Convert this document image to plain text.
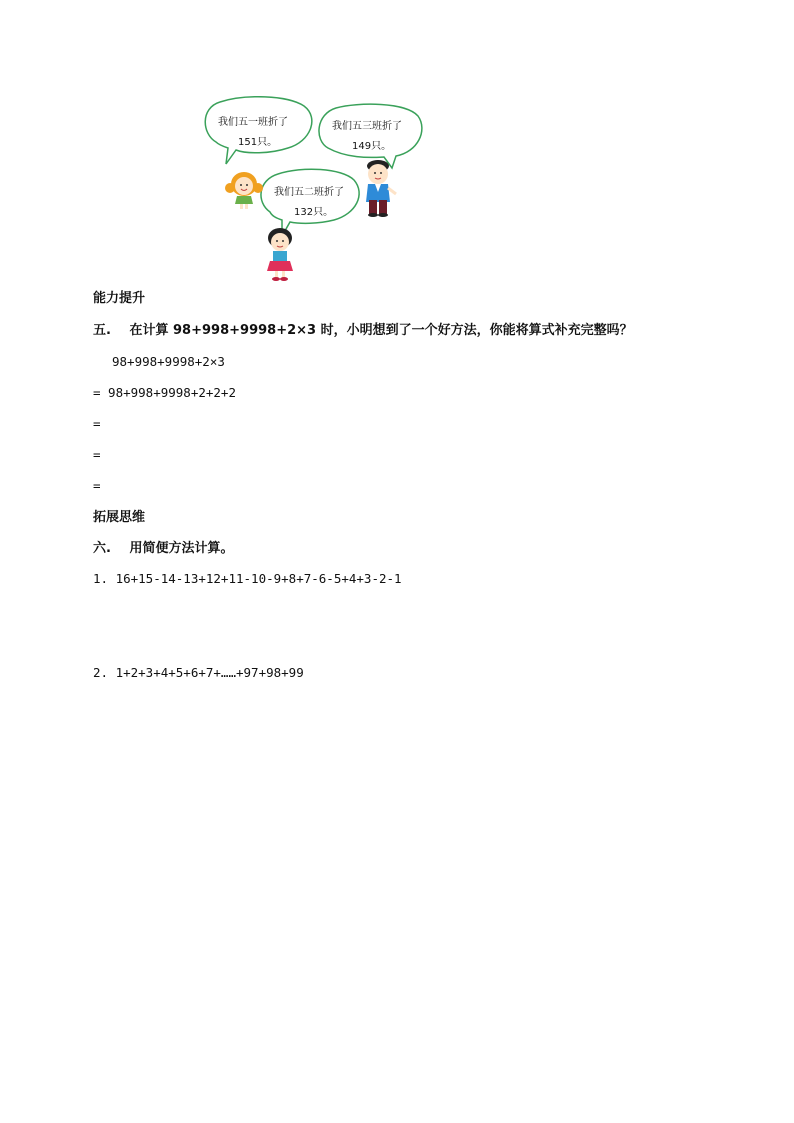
我们五一班折了
151只。
我们五三班折了
149只。
我们五二班折了
132只。
能力提升
五. 在计算 98+998+9998+2×3 时，小明想到了一个好方法，你能将算式补充完整吗？
98+998+9998+2×3
= 98+998+9998+2+2+2
=
=
=
拓展思维
六. 用简便方法计算。
1. 16+15-14-13+12+11-10-9+8+7-6-5+4+3-2-1
2. 1+2+3+4+5+6+7+……+97+98+99
